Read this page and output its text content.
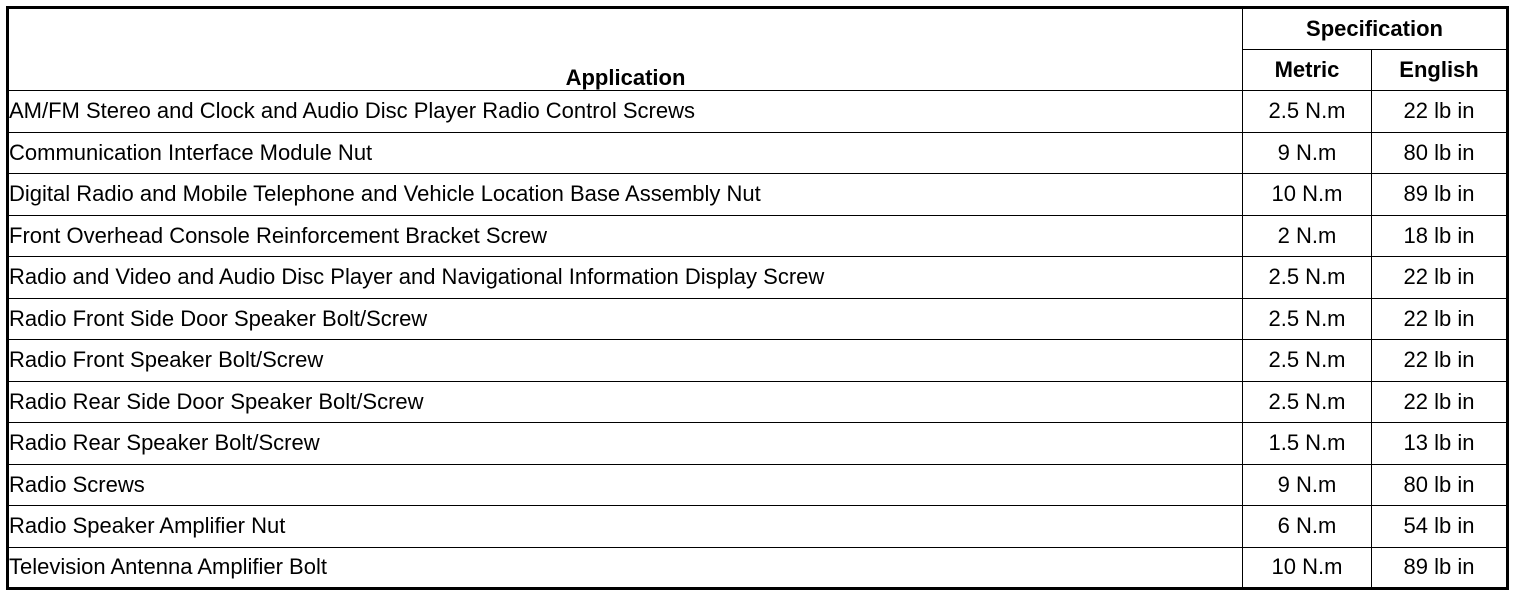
Application	Specification	
	Metric	English
AM/FM Stereo and Clock and Audio Disc Player Radio Control Screws	2.5 N.m	22 lb in
Communication Interface Module Nut	9 N.m	80 lb in
Digital Radio and Mobile Telephone and Vehicle Location Base Assembly Nut	10 N.m	89 lb in
Front Overhead Console Reinforcement Bracket Screw	2 N.m	18 lb in
Radio and Video and Audio Disc Player and Navigational Information Display Screw	2.5 N.m	22 lb in
Radio Front Side Door Speaker Bolt/Screw	2.5 N.m	22 lb in
Radio Front Speaker Bolt/Screw	2.5 N.m	22 lb in
Radio Rear Side Door Speaker Bolt/Screw	2.5 N.m	22 lb in
Radio Rear Speaker Bolt/Screw	1.5 N.m	13 lb in
Radio Screws	9 N.m	80 lb in
Radio Speaker Amplifier Nut	6 N.m	54 lb in
Television Antenna Amplifier Bolt	10 N.m	89 lb in
